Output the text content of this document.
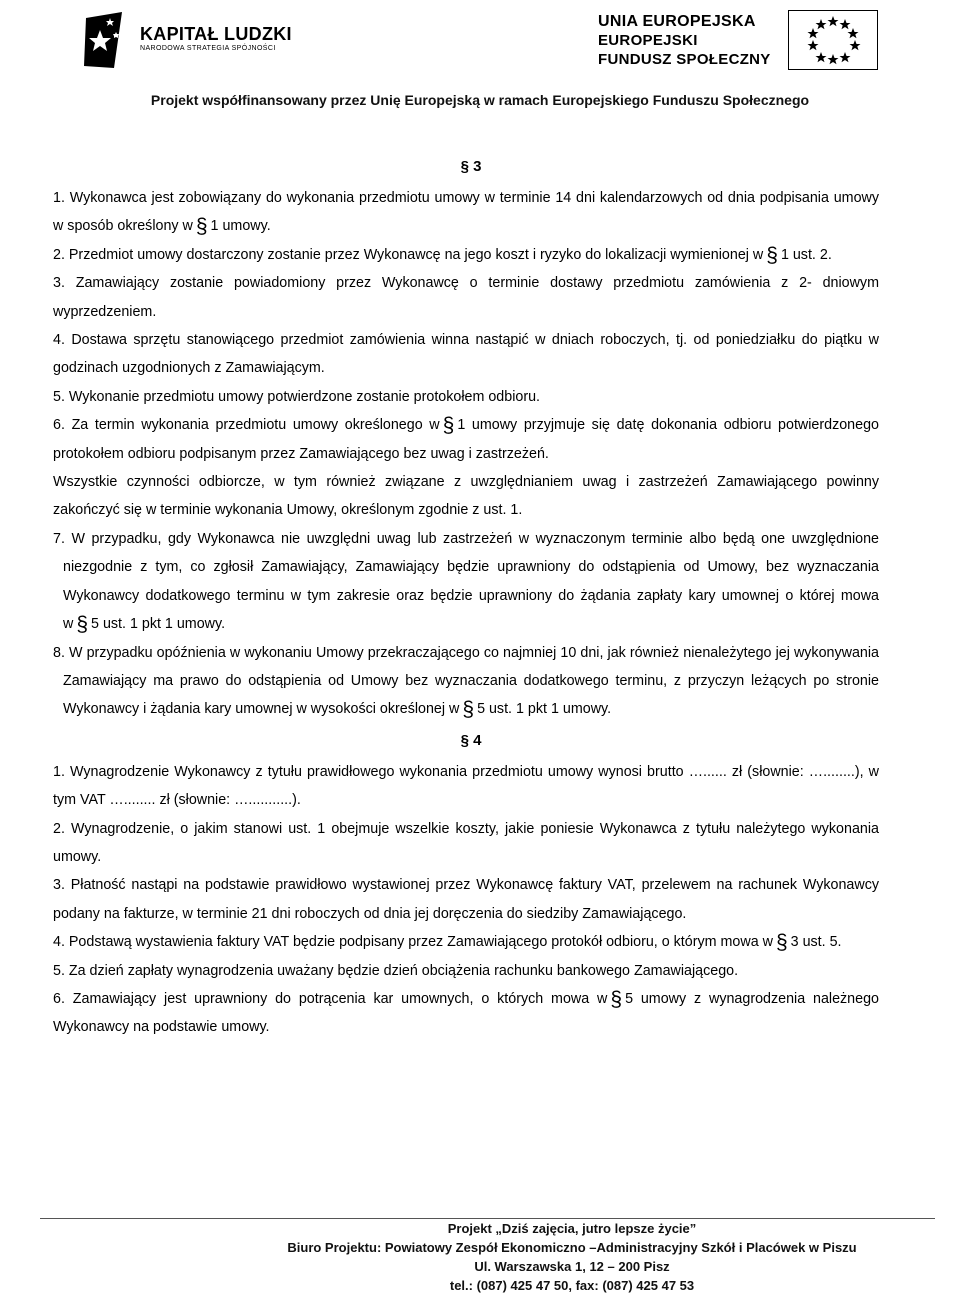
KAPITAŁ LUDZKI
NARODOWA STRATEGIA SPÓJNOŚCI
UNIA EUROPEJSKA
EUROPEJSKI
FUNDUSZ SPOŁECZNY
Projekt współfinansowany przez Unię Europejską w ramach Europejskiego Funduszu Społecznego

§ 3

1. Wykonawca jest zobowiązany do wykonania przedmiotu umowy w terminie 14 dni kalendarzowych od dnia podpisania umowy w sposób określony w § 1 umowy.

2. Przedmiot umowy dostarczony zostanie przez Wykonawcę na jego koszt i ryzyko do lokalizacji wymienionej w § 1 ust. 2.

3. Zamawiający zostanie powiadomiony przez Wykonawcę o terminie dostawy przedmiotu zamówienia z 2- dniowym wyprzedzeniem.

4. Dostawa sprzętu stanowiącego przedmiot zamówienia winna nastąpić w dniach roboczych, tj. od poniedziałku do piątku w godzinach uzgodnionych z Zamawiającym.

5. Wykonanie przedmiotu umowy potwierdzone zostanie protokołem odbioru.

6. Za termin wykonania przedmiotu umowy określonego w § 1 umowy przyjmuje się datę dokonania odbioru potwierdzonego protokołem odbioru podpisanym przez Zamawiającego bez uwag i zastrzeżeń.

Wszystkie czynności odbiorcze, w tym również związane z uwzględnianiem uwag i zastrzeżeń Zamawiającego powinny zakończyć się w terminie wykonania Umowy, określonym zgodnie z ust. 1.

7. W przypadku, gdy Wykonawca nie uwzględni uwag lub zastrzeżeń w wyznaczonym terminie albo będą one uwzględnione niezgodnie z tym, co zgłosił Zamawiający, Zamawiający będzie uprawniony do odstąpienia od Umowy, bez wyznaczania Wykonawcy dodatkowego terminu w tym zakresie oraz będzie uprawniony do żądania zapłaty kary umownej o której mowa w § 5 ust. 1 pkt 1 umowy.

8. W przypadku opóźnienia w wykonaniu Umowy przekraczającego co najmniej 10 dni, jak również nienależytego jej wykonywania Zamawiający ma prawo do odstąpienia od Umowy bez wyznaczania dodatkowego terminu, z przyczyn leżących po stronie Wykonawcy i żądania kary umownej w wysokości określonej w § 5 ust. 1 pkt 1 umowy.

§ 4

1. Wynagrodzenie Wykonawcy z tytułu prawidłowego wykonania przedmiotu umowy wynosi brutto …...... zł (słownie: …........), w tym VAT …........ zł (słownie: …...........).

2. Wynagrodzenie, o jakim stanowi ust. 1 obejmuje wszelkie koszty, jakie poniesie Wykonawca z tytułu należytego wykonania umowy.

3. Płatność nastąpi na podstawie prawidłowo wystawionej przez Wykonawcę faktury VAT, przelewem na rachunek Wykonawcy podany na fakturze, w terminie 21 dni roboczych od dnia jej doręczenia do siedziby Zamawiającego.

4. Podstawą wystawienia faktury VAT będzie podpisany przez Zamawiającego protokół odbioru, o którym mowa w § 3 ust. 5.

5. Za dzień zapłaty wynagrodzenia uważany będzie dzień obciążenia rachunku bankowego Zamawiającego.

6. Zamawiający jest uprawniony do potrącenia kar umownych, o których mowa w § 5 umowy z wynagrodzenia należnego Wykonawcy na podstawie umowy.

Projekt „Dziś zajęcia, jutro lepsze życie”
Biuro Projektu: Powiatowy Zespół Ekonomiczno –Administracyjny Szkół i Placówek w Piszu
Ul. Warszawska 1, 12 – 200 Pisz
tel.: (087) 425 47 50, fax: (087) 425 47 53
